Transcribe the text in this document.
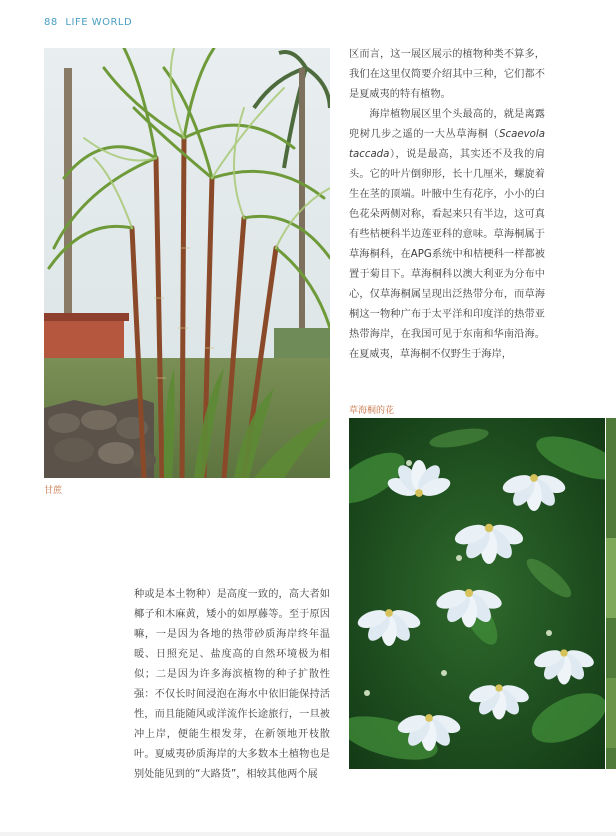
88 LIFE WORLD
甘蔗
草海桐的花

区而言，这一展区展示的植物种类不算多，我们在这里仅简要介绍其中三种，它们都不是夏威夷的特有植物。

海岸植物展区里个头最高的，就是离露兜树几步之遥的一大丛草海桐（Scaevola taccada），说是最高，其实还不及我的肩头。它的叶片倒卵形，长十几厘米，螺旋着生在茎的顶端。叶腋中生有花序，小小的白色花朵两侧对称，看起来只有半边，这可真有些桔梗科半边莲亚科的意味。草海桐属于草海桐科，在APG系统中和桔梗科一样都被置于菊目下。草海桐科以澳大利亚为分布中心，仅草海桐属呈现出泛热带分布，而草海桐这一物种广布于太平洋和印度洋的热带亚热带海岸，在我国可见于东南和华南沿海。在夏威夷，草海桐不仅野生于海岸，

种或是本土物种）是高度一致的，高大者如椰子和木麻黄，矮小的如厚藤等。至于原因嘛，一是因为各地的热带砂质海岸终年温暖、日照充足、盐度高的自然环境极为相似；二是因为许多海滨植物的种子扩散性强：不仅长时间浸泡在海水中依旧能保持活性，而且能随风或洋流作长途旅行，一旦被冲上岸，便能生根发芽，在新领地开枝散叶。夏威夷砂质海岸的大多数本土植物也是别处能见到的“大路货”，相较其他两个展
